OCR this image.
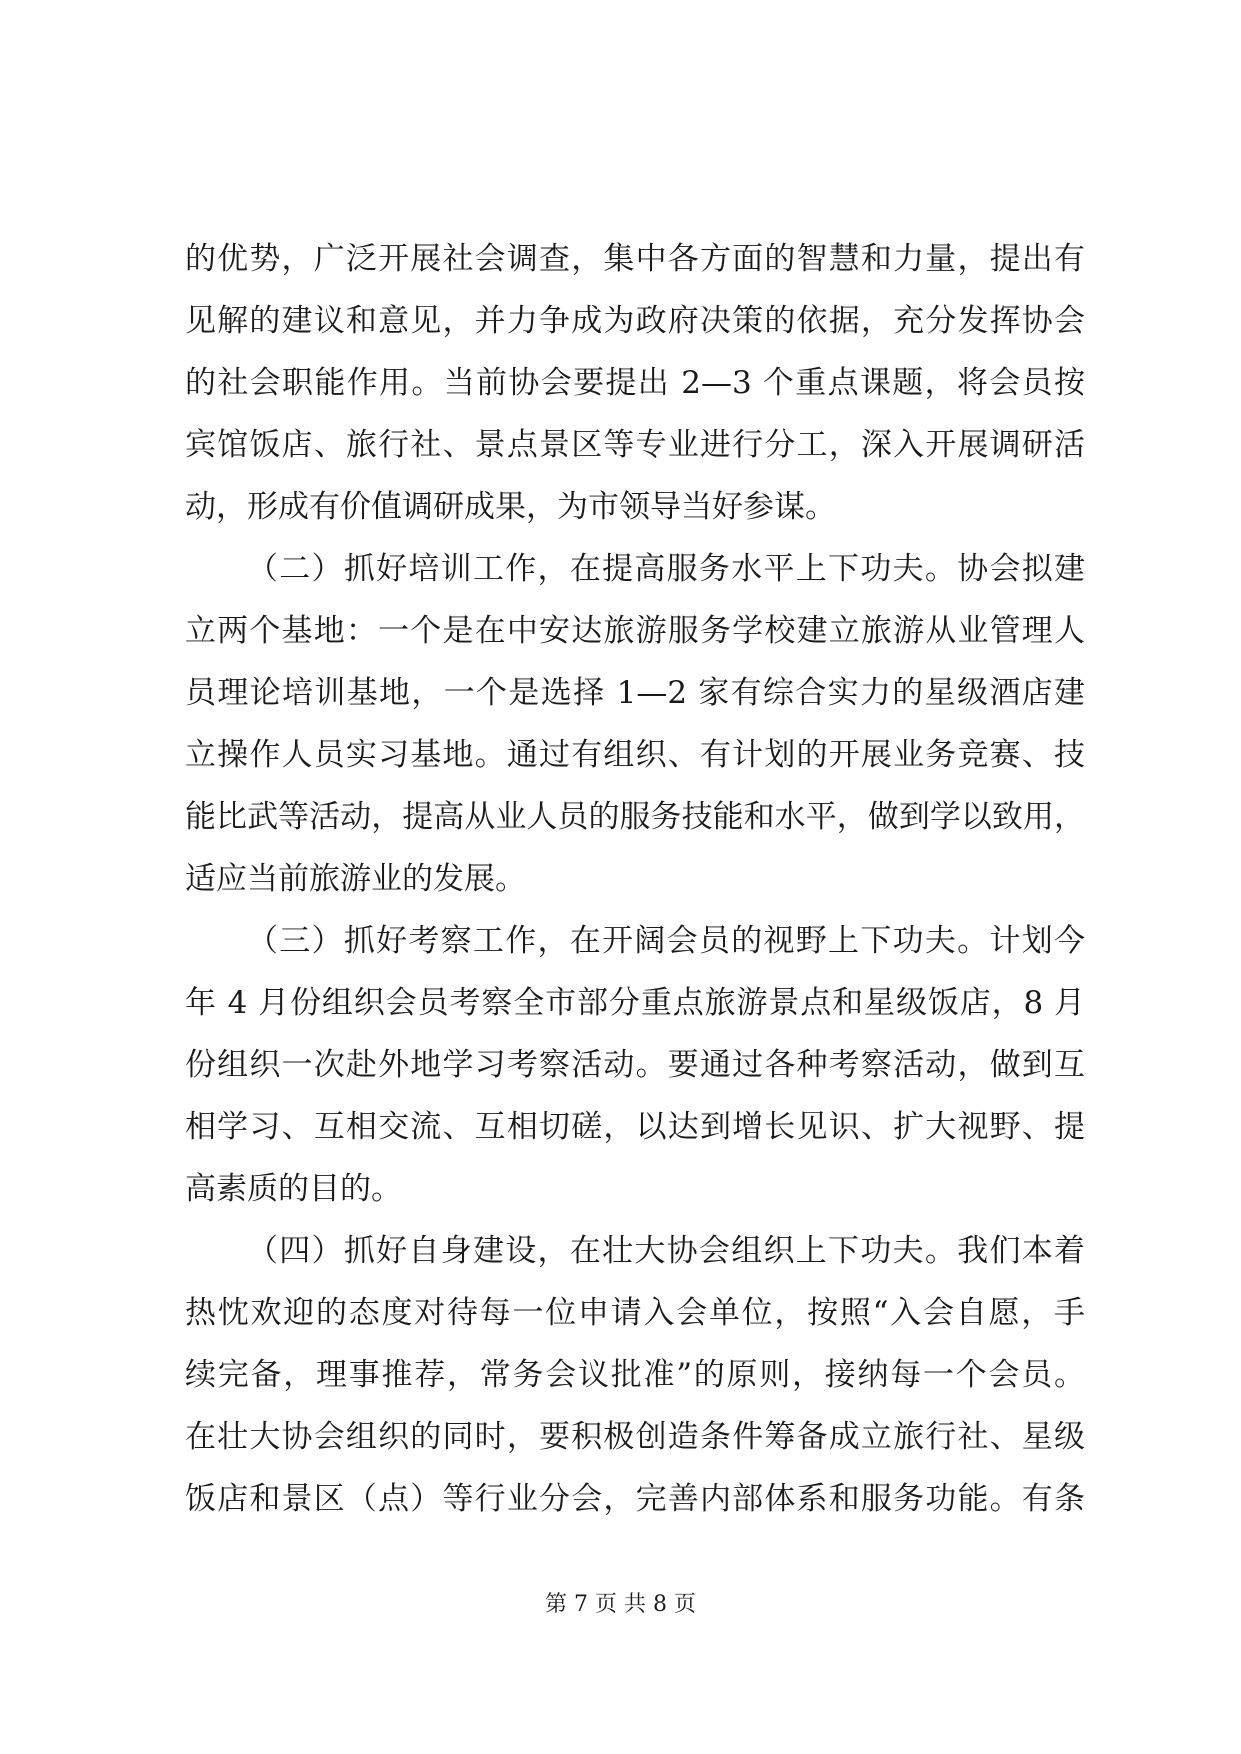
的优势，广泛开展社会调查，集中各方面的智慧和力量，提出有
见解的建议和意见，并力争成为政府决策的依据，充分发挥协会
的社会职能作用。当前协会要提出 2—3 个重点课题，将会员按
宾馆饭店、旅行社、景点景区等专业进行分工，深入开展调研活
动，形成有价值调研成果，为市领导当好参谋。
（二）抓好培训工作，在提高服务水平上下功夫。协会拟建
立两个基地：一个是在中安达旅游服务学校建立旅游从业管理人
员理论培训基地，一个是选择 1—2 家有综合实力的星级酒店建
立操作人员实习基地。通过有组织、有计划的开展业务竞赛、技
能比武等活动，提高从业人员的服务技能和水平，做到学以致用，
适应当前旅游业的发展。
（三）抓好考察工作，在开阔会员的视野上下功夫。计划今
年 4 月份组织会员考察全市部分重点旅游景点和星级饭店，8 月
份组织一次赴外地学习考察活动。要通过各种考察活动，做到互
相学习、互相交流、互相切磋，以达到增长见识、扩大视野、提
高素质的目的。
（四）抓好自身建设，在壮大协会组织上下功夫。我们本着
热忱欢迎的态度对待每一位申请入会单位，按照“入会自愿，手
续完备，理事推荐，常务会议批准”的原则，接纳每一个会员。
在壮大协会组织的同时，要积极创造条件筹备成立旅行社、星级
饭店和景区（点）等行业分会，完善内部体系和服务功能。有条
第 7 页 共 8 页
